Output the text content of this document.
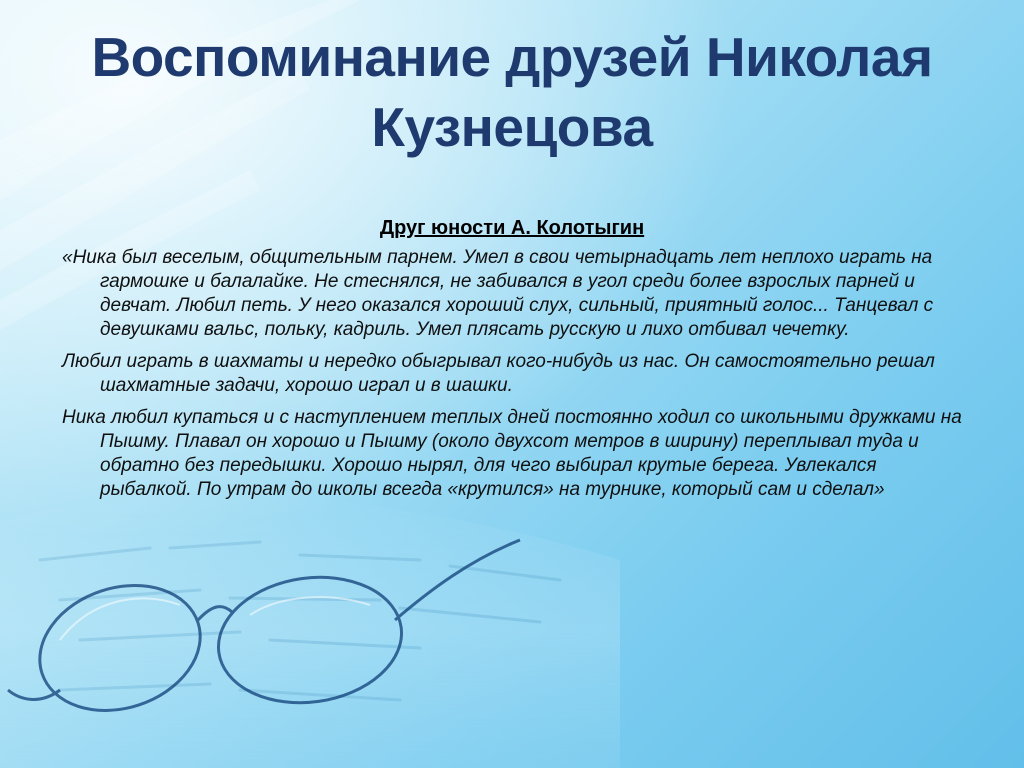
Воспоминание друзей Николая Кузнецова
Друг юности А. Колотыгин

«Ника был веселым, общительным парнем. Умел в свои четырнадцать лет неплохо играть на гармошке и балалайке. Не стеснялся, не забивался в угол среди более взрослых парней и девчат. Любил петь. У него оказался хороший слух, сильный, приятный голос... Танцевал с девушками вальс, польку, кадриль. Умел плясать русскую и лихо отбивал чечетку.

Любил играть в шахматы и нередко обыгрывал кого-нибудь из нас. Он самостоятельно решал шахматные задачи, хорошо играл и в шашки.

Ника любил купаться и с наступлением теплых дней постоянно ходил со школьными дружками на Пышму. Плавал он хорошо и Пышму (около двухсот метров в ширину) переплывал туда и обратно без передышки. Хорошо нырял, для чего выбирал крутые берега. Увлекался рыбалкой. По утрам до школы всегда «крутился» на турнике, который сам и сделал»
